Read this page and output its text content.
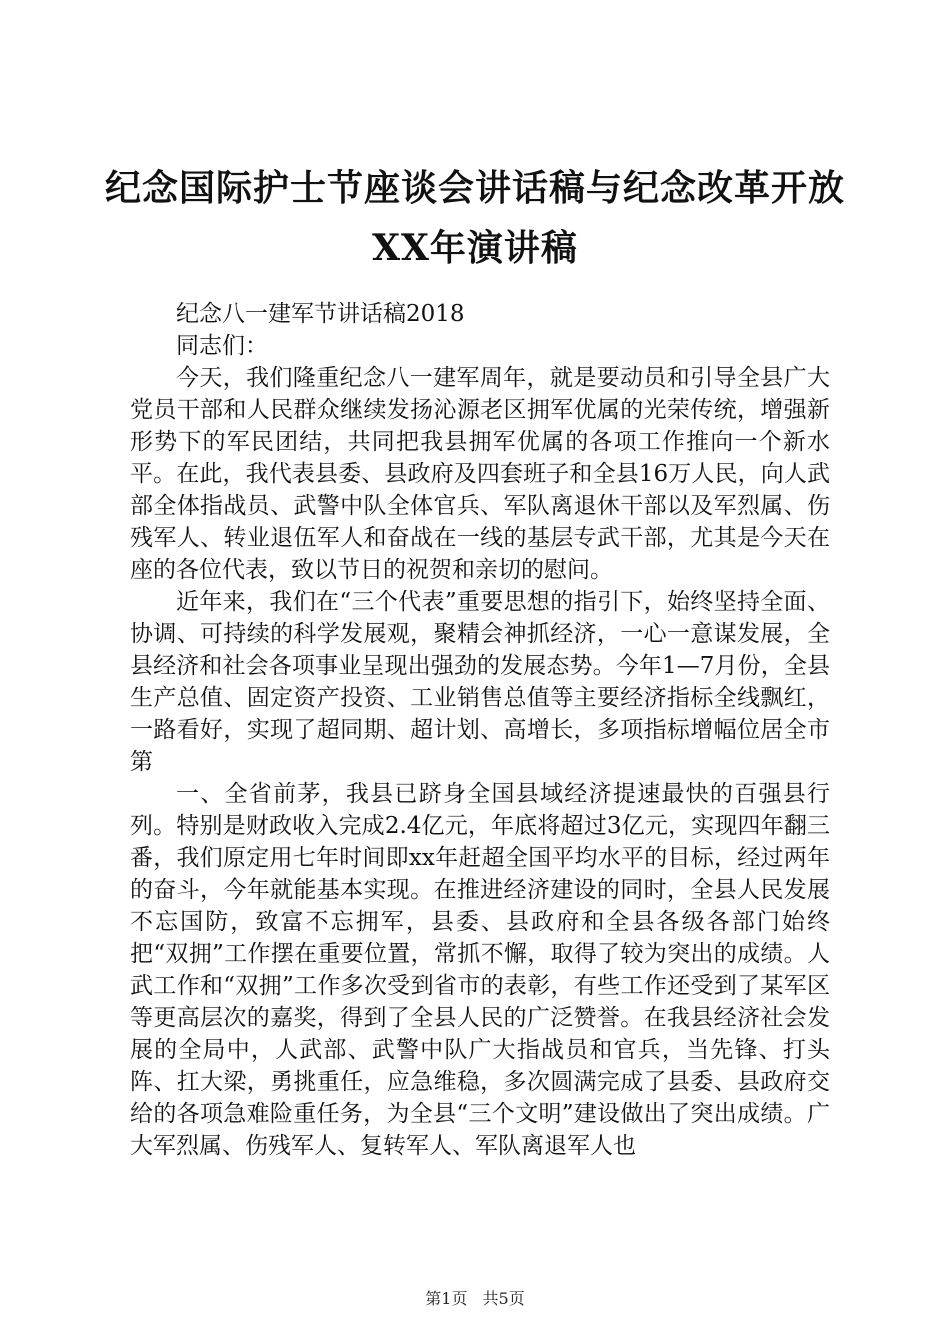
纪念国际护士节座谈会讲话稿与纪念改革开放
XX年演讲稿

纪念八一建军节讲话稿2018

同志们：

今天，我们隆重纪念八一建军周年，就是要动员和引导全县广大党员干部和人民群众继续发扬沁源老区拥军优属的光荣传统，增强新形势下的军民团结，共同把我县拥军优属的各项工作推向一个新水平。在此，我代表县委、县政府及四套班子和全县16万人民，向人武部全体指战员、武警中队全体官兵、军队离退休干部以及军烈属、伤残军人、转业退伍军人和奋战在一线的基层专武干部，尤其是今天在座的各位代表，致以节日的祝贺和亲切的慰问。

近年来，我们在“三个代表”重要思想的指引下，始终坚持全面、协调、可持续的科学发展观，聚精会神抓经济，一心一意谋发展，全县经济和社会各项事业呈现出强劲的发展态势。今年1—7月份，全县生产总值、固定资产投资、工业销售总值等主要经济指标全线飘红，一路看好，实现了超同期、超计划、高增长，多项指标增幅位居全市第

一、全省前茅，我县已跻身全国县域经济提速最快的百强县行列。特别是财政收入完成2.4亿元，年底将超过3亿元，实现四年翻三番，我们原定用七年时间即xx年赶超全国平均水平的目标，经过两年的奋斗，今年就能基本实现。在推进经济建设的同时，全县人民发展不忘国防，致富不忘拥军，县委、县政府和全县各级各部门始终把“双拥”工作摆在重要位置，常抓不懈，取得了较为突出的成绩。人武工作和“双拥”工作多次受到省市的表彰，有些工作还受到了某军区等更高层次的嘉奖，得到了全县人民的广泛赞誉。在我县经济社会发展的全局中，人武部、武警中队广大指战员和官兵，当先锋、打头阵、扛大梁，勇挑重任，应急维稳，多次圆满完成了县委、县政府交给的各项急难险重任务，为全县“三个文明”建设做出了突出成绩。广大军烈属、伤残军人、复转军人、军队离退军人也

第1页 共5页
